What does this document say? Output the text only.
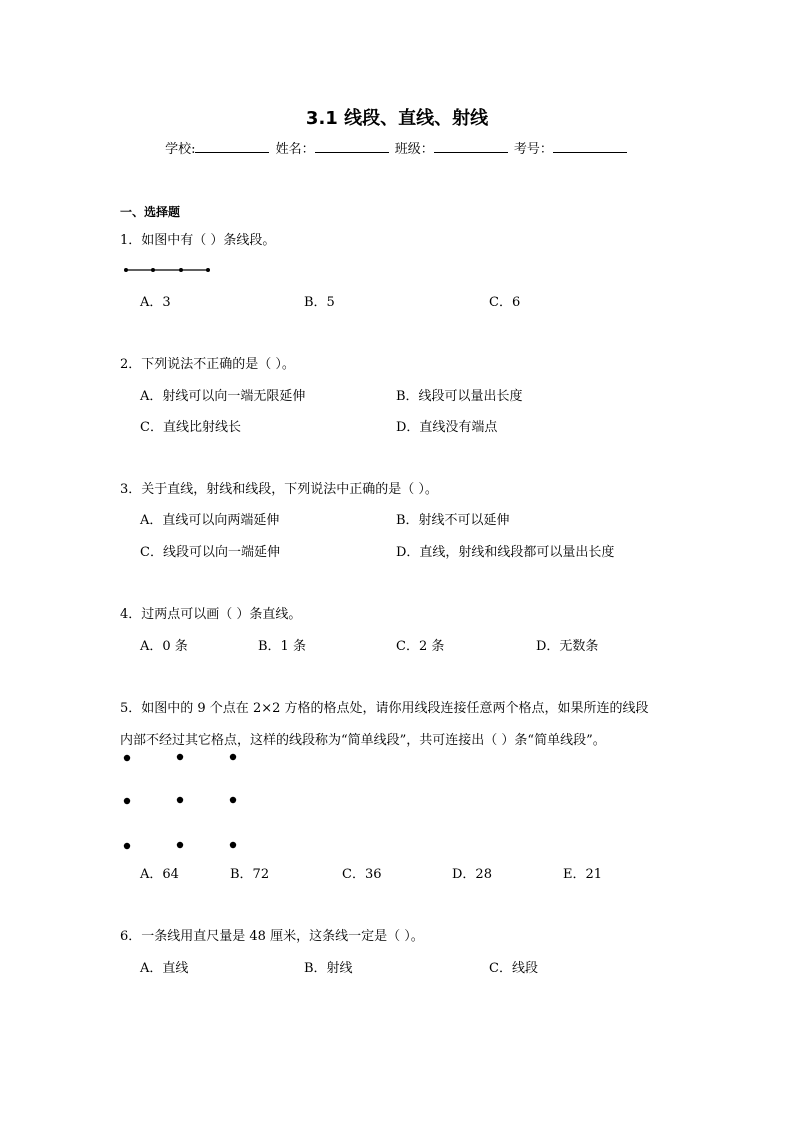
3.1 线段、直线、射线
学校:	姓名：	班级：	考号：
一、选择题
1．如图中有（ ）条线段。
A．3	B．5	C．6
2．下列说法不正确的是（ ）。
A．射线可以向一端无限延伸	B．线段可以量出长度
C．直线比射线长	D．直线没有端点
3．关于直线，射线和线段，下列说法中正确的是（ ）。
A．直线可以向两端延伸	B．射线不可以延伸
C．线段可以向一端延伸	D．直线，射线和线段都可以量出长度
4．过两点可以画（ ）条直线。
A．0 条	B．1 条	C．2 条	D．无数条
5．如图中的 9 个点在 2×2 方格的格点处，请你用线段连接任意两个格点，如果所连的线段
内部不经过其它格点，这样的线段称为“简单线段”，共可连接出（ ）条“简单线段”。
A．64	B．72	C．36	D．28	E．21
6．一条线用直尺量是 48 厘米，这条线一定是（ ）。
A．直线	B．射线	C．线段
